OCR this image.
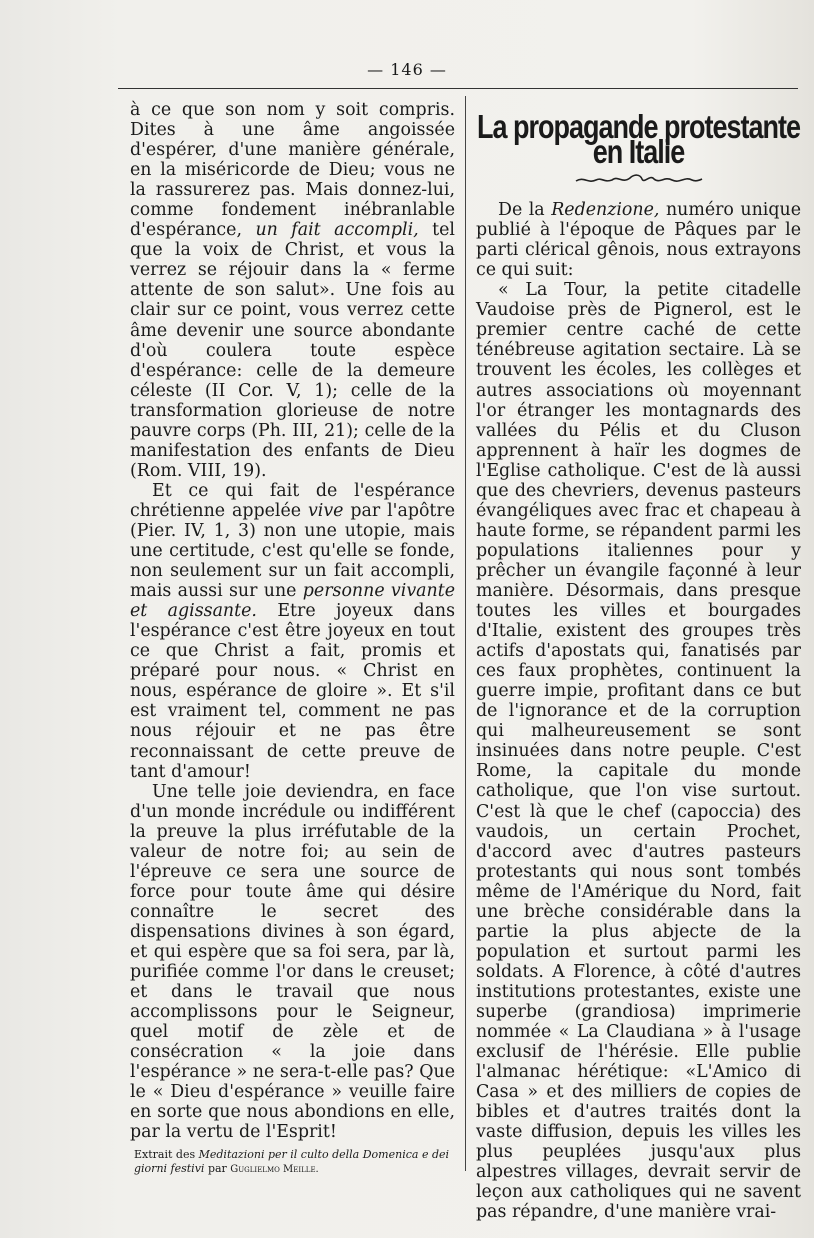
— 146 —

à ce que son nom y soit compris. Dites à une âme angoissée d'espérer, d'une manière générale, en la miséricorde de Dieu; vous ne la rassurerez pas. Mais donnez-lui, comme fondement inébranlable d'espérance, un fait accompli, tel que la voix de Christ, et vous la verrez se réjouir dans la « ferme attente de son salut». Une fois au clair sur ce point, vous verrez cette âme devenir une source abondante d'où coulera toute espèce d'espérance: celle de la demeure céleste (II Cor. V, 1); celle de la transformation glorieuse de notre pauvre corps (Ph. III, 21); celle de la manifestation des enfants de Dieu (Rom. VIII, 19).

Et ce qui fait de l'espérance chrétienne appelée vive par l'apôtre (Pier. IV, 1, 3) non une utopie, mais une certitude, c'est qu'elle se fonde, non seulement sur un fait accompli, mais aussi sur une personne vivante et agissante. Etre joyeux dans l'espérance c'est être joyeux en tout ce que Christ a fait, promis et préparé pour nous. « Christ en nous, espérance de gloire ». Et s'il est vraiment tel, comment ne pas nous réjouir et ne pas être reconnaissant de cette preuve de tant d'amour!

Une telle joie deviendra, en face d'un monde incrédule ou indifférent la preuve la plus irréfutable de la valeur de notre foi; au sein de l'épreuve ce sera une source de force pour toute âme qui désire connaître le secret des dispensations divines à son égard, et qui espère que sa foi sera, par là, purifiée comme l'or dans le creuset; et dans le travail que nous accomplissons pour le Seigneur, quel motif de zèle et de consécration « la joie dans l'espérance » ne sera-t-elle pas? Que le « Dieu d'espérance » veuille faire en sorte que nous abondions en elle, par la vertu de l'Esprit!

Extrait des Meditazioni per il culto della Domenica e dei giorni festivi par Guglielmo Meille.
La propagande protestante en Italie

De la Redenzione, numéro unique publié à l'époque de Pâques par le parti clérical gênois, nous extrayons ce qui suit:

« La Tour, la petite citadelle Vaudoise près de Pignerol, est le premier centre caché de cette ténébreuse agitation sectaire. Là se trouvent les écoles, les collèges et autres associations où moyennant l'or étranger les montagnards des vallées du Pélis et du Cluson apprennent à haïr les dogmes de l'Eglise catholique. C'est de là aussi que des chevriers, devenus pasteurs évangéliques avec frac et chapeau à haute forme, se répandent parmi les populations italiennes pour y prêcher un évangile façonné à leur manière. Désormais, dans presque toutes les villes et bourgades d'Italie, existent des groupes très actifs d'apostats qui, fanatisés par ces faux prophètes, continuent la guerre impie, profitant dans ce but de l'ignorance et de la corruption qui malheureusement se sont insinuées dans notre peuple. C'est Rome, la capitale du monde catholique, que l'on vise surtout. C'est là que le chef (capoccia) des vaudois, un certain Prochet, d'accord avec d'autres pasteurs protestants qui nous sont tombés même de l'Amérique du Nord, fait une brèche considérable dans la partie la plus abjecte de la population et surtout parmi les soldats. A Florence, à côté d'autres institutions protestantes, existe une superbe (grandiosa) imprimerie nommée « La Claudiana » à l'usage exclusif de l'hérésie. Elle publie l'almanac hérétique: «L'Amico di Casa » et des milliers de copies de bibles et d'autres traités dont la vaste diffusion, depuis les villes les plus peuplées jusqu'aux plus alpestres villages, devrait servir de leçon aux catholiques qui ne savent pas répandre, d'une manière vrai-
